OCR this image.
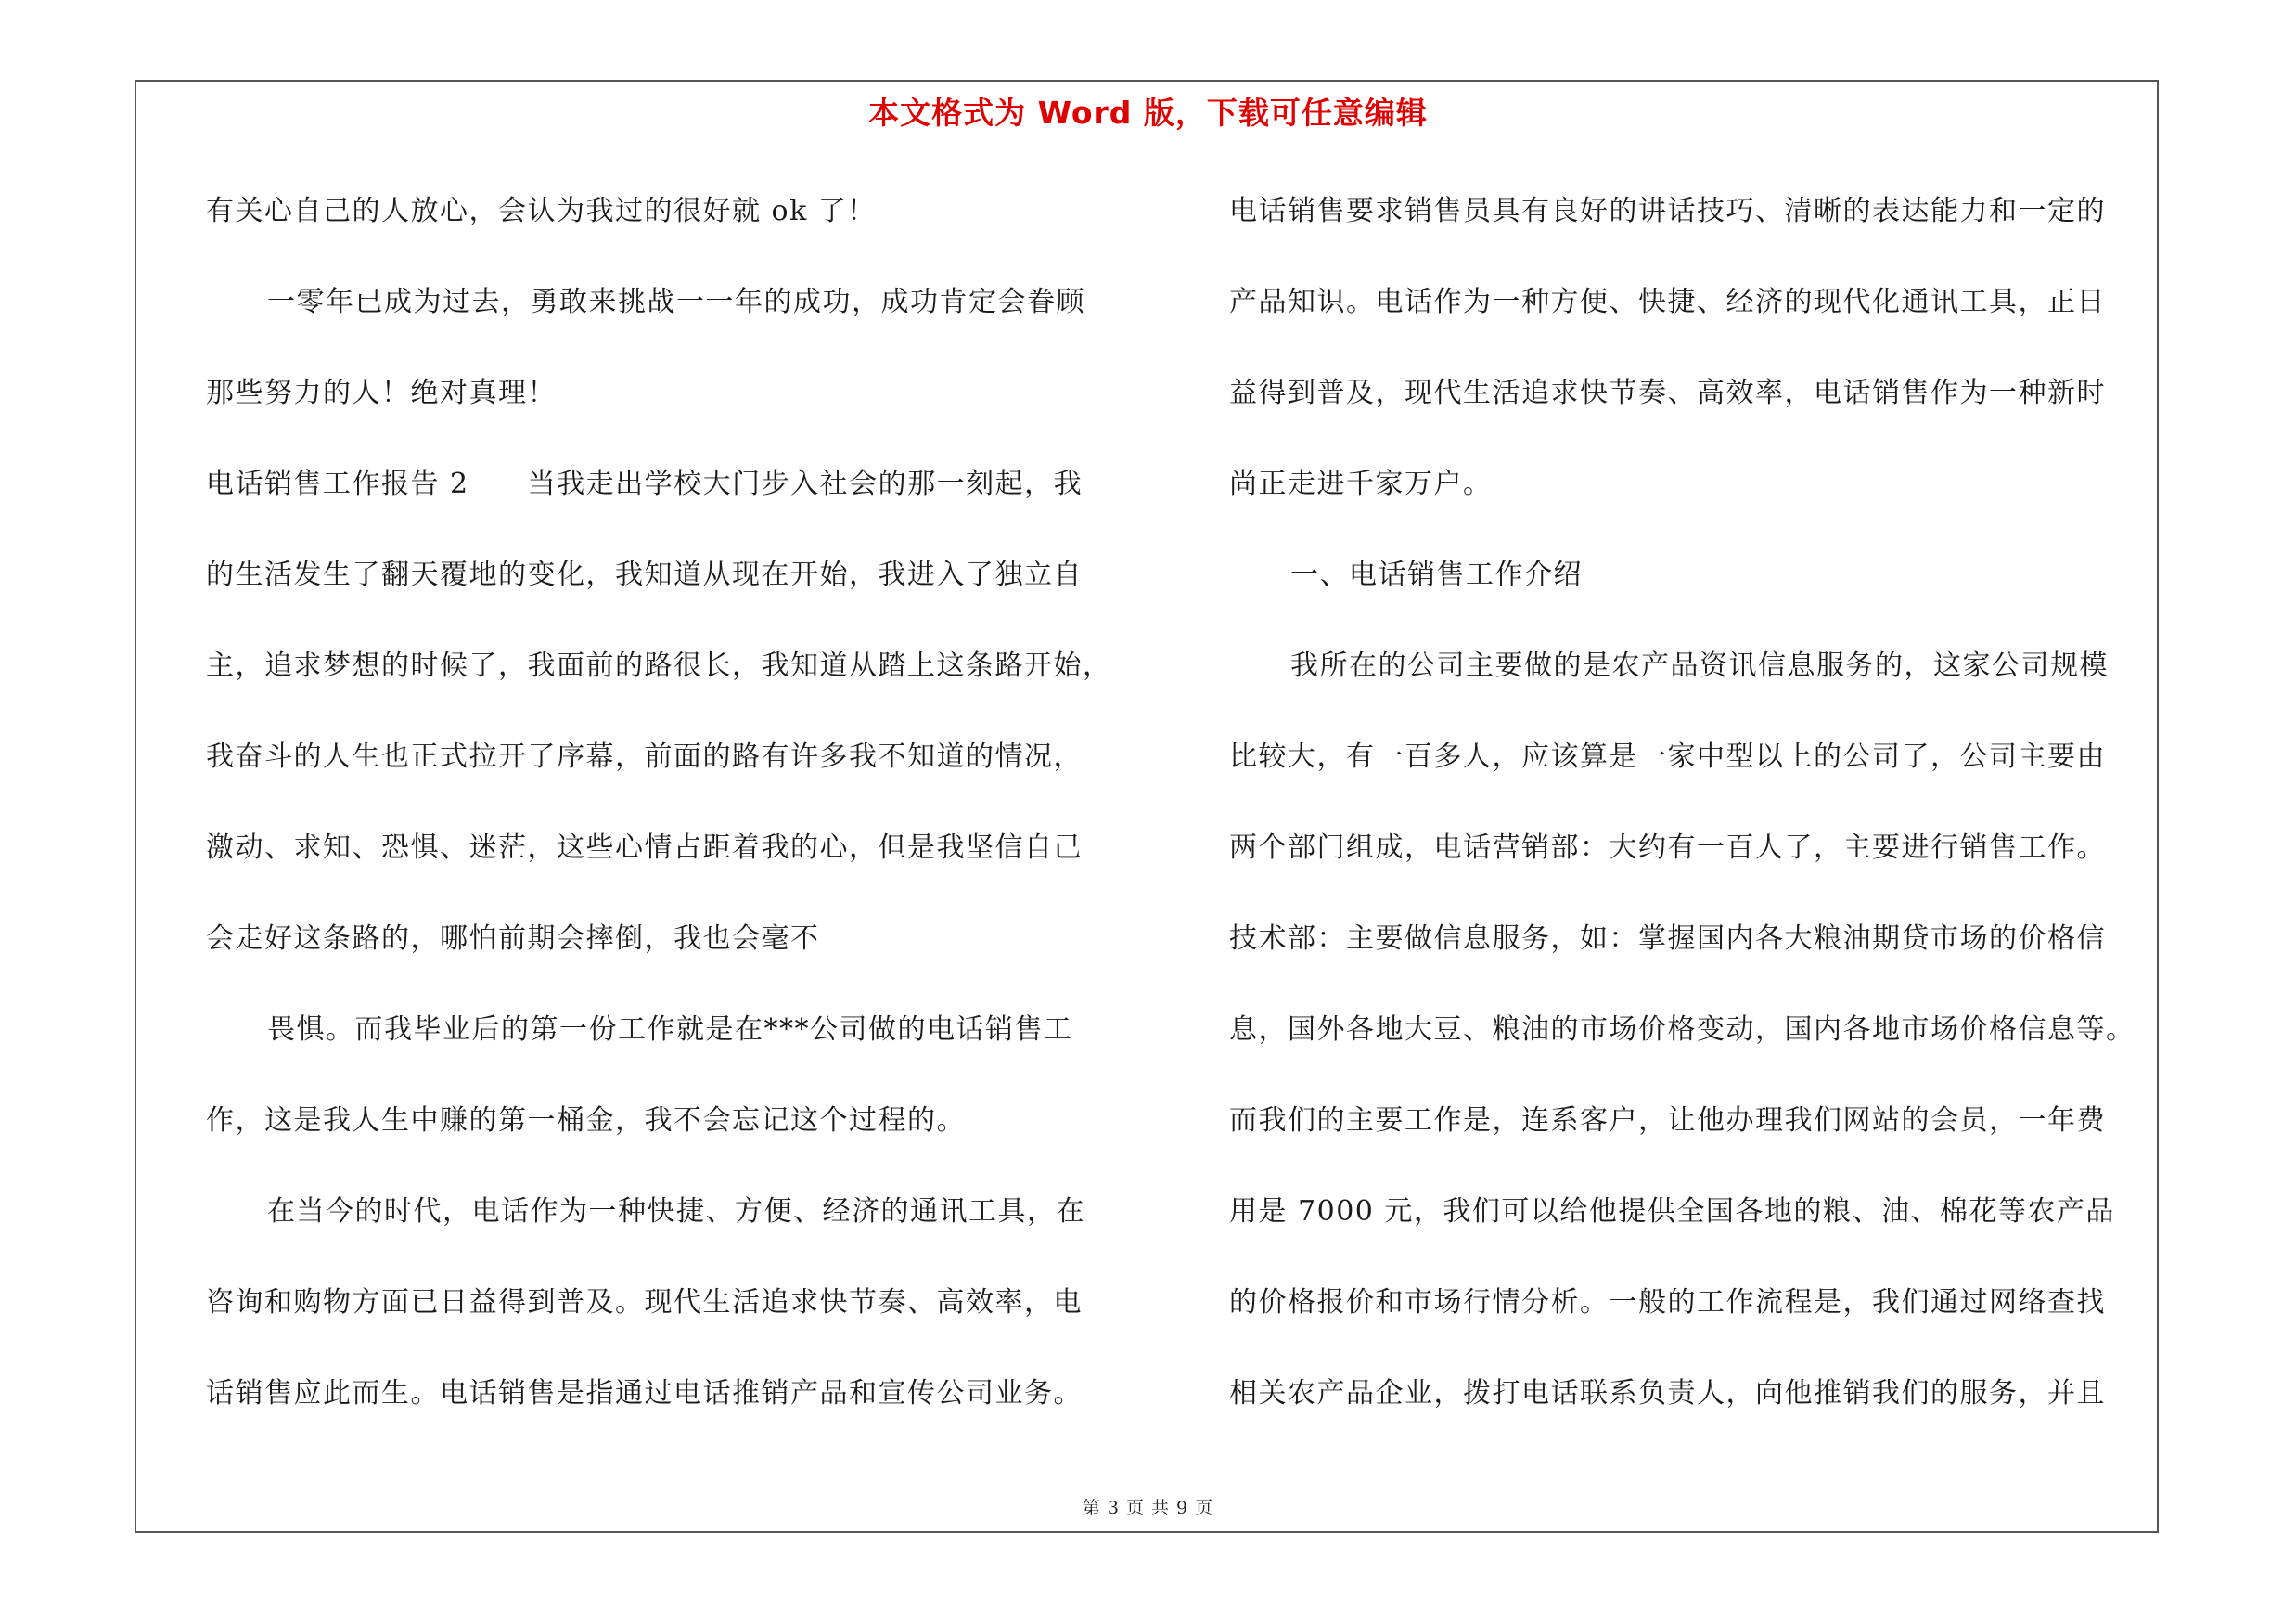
本文格式为 Word 版，下载可任意编辑
有关心自己的人放心，会认为我过的很好就 ok 了！
一零年已成为过去，勇敢来挑战一一年的成功，成功肯定会眷顾
那些努力的人！绝对真理！
电话销售工作报告 2　　当我走出学校大门步入社会的那一刻起，我
的生活发生了翻天覆地的变化，我知道从现在开始，我进入了独立自
主，追求梦想的时候了，我面前的路很长，我知道从踏上这条路开始，
我奋斗的人生也正式拉开了序幕，前面的路有许多我不知道的情况，
激动、求知、恐惧、迷茫，这些心情占距着我的心，但是我坚信自己
会走好这条路的，哪怕前期会摔倒，我也会毫不
畏惧。而我毕业后的第一份工作就是在***公司做的电话销售工
作，这是我人生中赚的第一桶金，我不会忘记这个过程的。
在当今的时代，电话作为一种快捷、方便、经济的通讯工具，在
咨询和购物方面已日益得到普及。现代生活追求快节奏、高效率，电
话销售应此而生。电话销售是指通过电话推销产品和宣传公司业务。
电话销售要求销售员具有良好的讲话技巧、清晰的表达能力和一定的
产品知识。电话作为一种方便、快捷、经济的现代化通讯工具，正日
益得到普及，现代生活追求快节奏、高效率，电话销售作为一种新时
尚正走进千家万户。
一、电话销售工作介绍
我所在的公司主要做的是农产品资讯信息服务的，这家公司规模
比较大，有一百多人，应该算是一家中型以上的公司了，公司主要由
两个部门组成，电话营销部：大约有一百人了，主要进行销售工作。
技术部：主要做信息服务，如：掌握国内各大粮油期贷市场的价格信
息，国外各地大豆、粮油的市场价格变动，国内各地市场价格信息等。
而我们的主要工作是，连系客户，让他办理我们网站的会员，一年费
用是 7000 元，我们可以给他提供全国各地的粮、油、棉花等农产品
的价格报价和市场行情分析。一般的工作流程是，我们通过网络查找
相关农产品企业，拨打电话联系负责人，向他推销我们的服务，并且
第 3 页 共 9 页
